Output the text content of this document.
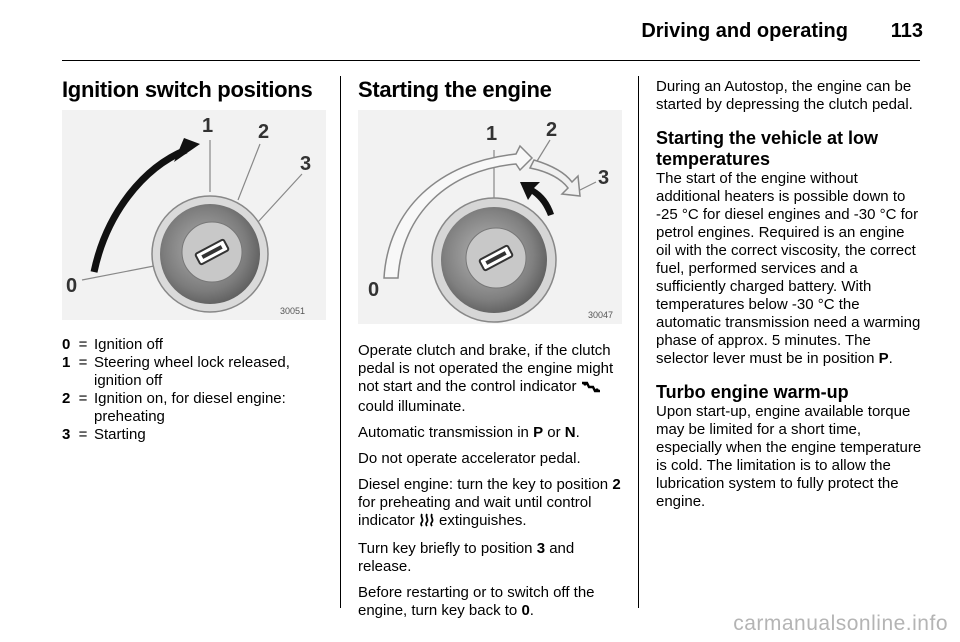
Driving and operating 113
Ignition switch positions
1 2
3
0
30051
0 = Ignition off
1 = Steering wheel lock released, ignition off
2 = Ignition on, for diesel engine: preheating
3 = Starting
Starting the engine
1 2
3
0
30047

Operate clutch and brake, if the clutch pedal is not operated the engine might not start and the control indicator  could illuminate.

Automatic transmission in P or N.

Do not operate accelerator pedal.

Diesel engine: turn the key to position 2 for preheating and wait until control indicator  extinguishes.

Turn key briefly to position 3 and release.

Before restarting or to switch off the engine, turn key back to 0.

During an Autostop, the engine can be started by depressing the clutch pedal.

Starting the vehicle at low temperatures

The start of the engine without additional heaters is possible down to -25 °C for diesel engines and -30 °C for petrol engines. Required is an engine oil with the correct viscosity, the correct fuel, performed services and a sufficiently charged battery. With temperatures below -30 °C the automatic transmission need a warming phase of approx. 5 minutes. The selector lever must be in position P.

Turbo engine warm-up

Upon start-up, engine available torque may be limited for a short time, especially when the engine temperature is cold. The limitation is to allow the lubrication system to fully protect the engine.

carmanualsonline.info
